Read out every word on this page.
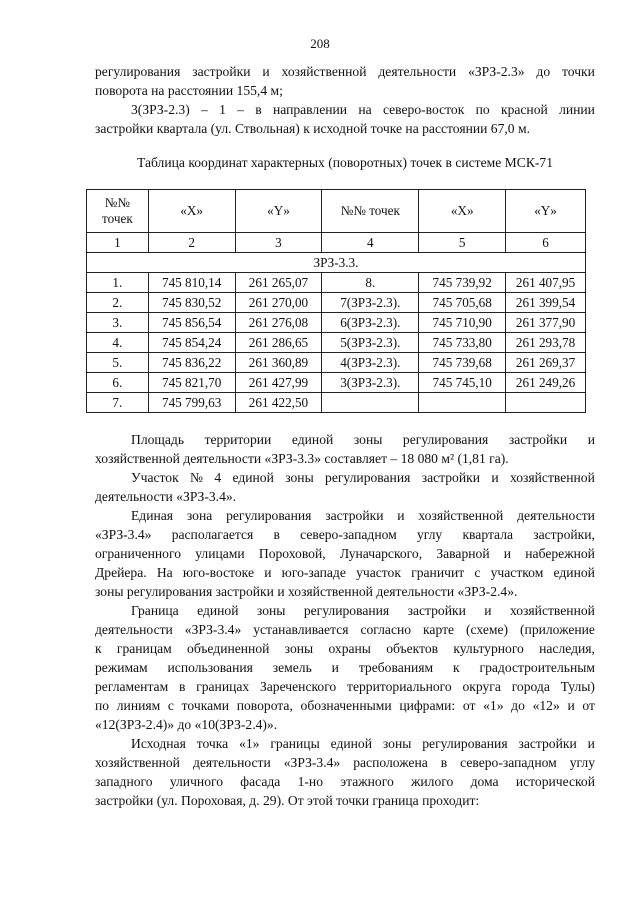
208
регулирования застройки и хозяйственной деятельности «ЗРЗ-2.3» до точки
поворота на расстоянии 155,4 м;
3(ЗРЗ-2.3) – 1 – в направлении на северо-восток по красной линии
застройки квартала (ул. Ствольная) к исходной точке на расстоянии 67,0 м.
Таблица координат характерных (поворотных) точек в системе МСК-71
№№ точек	«X»	«Y»	№№ точек	«X»	«Y»
1	2	3	4	5	6
ЗРЗ-3.3.					
1.	745 810,14	261 265,07	8.	745 739,92	261 407,95
2.	745 830,52	261 270,00	7(ЗРЗ-2.3).	745 705,68	261 399,54
3.	745 856,54	261 276,08	6(ЗРЗ-2.3).	745 710,90	261 377,90
4.	745 854,24	261 286,65	5(ЗРЗ-2.3).	745 733,80	261 293,78
5.	745 836,22	261 360,89	4(ЗРЗ-2.3).	745 739,68	261 269,37
6.	745 821,70	261 427,99	3(ЗРЗ-2.3).	745 745,10	261 249,26
7.	745 799,63	261 422,50			
Площадь территории единой зоны регулирования застройки и
хозяйственной деятельности «ЗРЗ-3.3» составляет – 18 080 м² (1,81 га).
Участок № 4 единой зоны регулирования застройки и хозяйственной
деятельности «ЗРЗ-3.4».
Единая зона регулирования застройки и хозяйственной деятельности
«ЗРЗ-3.4» располагается в северо-западном углу квартала застройки,
ограниченного улицами Пороховой, Луначарского, Заварной и набережной
Дрейера. На юго-востоке и юго-западе участок граничит с участком единой
зоны регулирования застройки и хозяйственной деятельности «ЗРЗ-2.4».
Граница единой зоны регулирования застройки и хозяйственной
деятельности «ЗРЗ-3.4» устанавливается согласно карте (схеме) (приложение
к границам объединенной зоны охраны объектов культурного наследия,
режимам использования земель и требованиям к градостроительным
регламентам в границах Зареченского территориального округа города Тулы)
по линиям с точками поворота, обозначенными цифрами: от «1» до «12» и от
«12(ЗРЗ-2.4)» до «10(ЗРЗ-2.4)».
Исходная точка «1» границы единой зоны регулирования застройки и
хозяйственной деятельности «ЗРЗ-3.4» расположена в северо-западном углу
западного уличного фасада 1-но этажного жилого дома исторической
застройки (ул. Пороховая, д. 29). От этой точки граница проходит:
